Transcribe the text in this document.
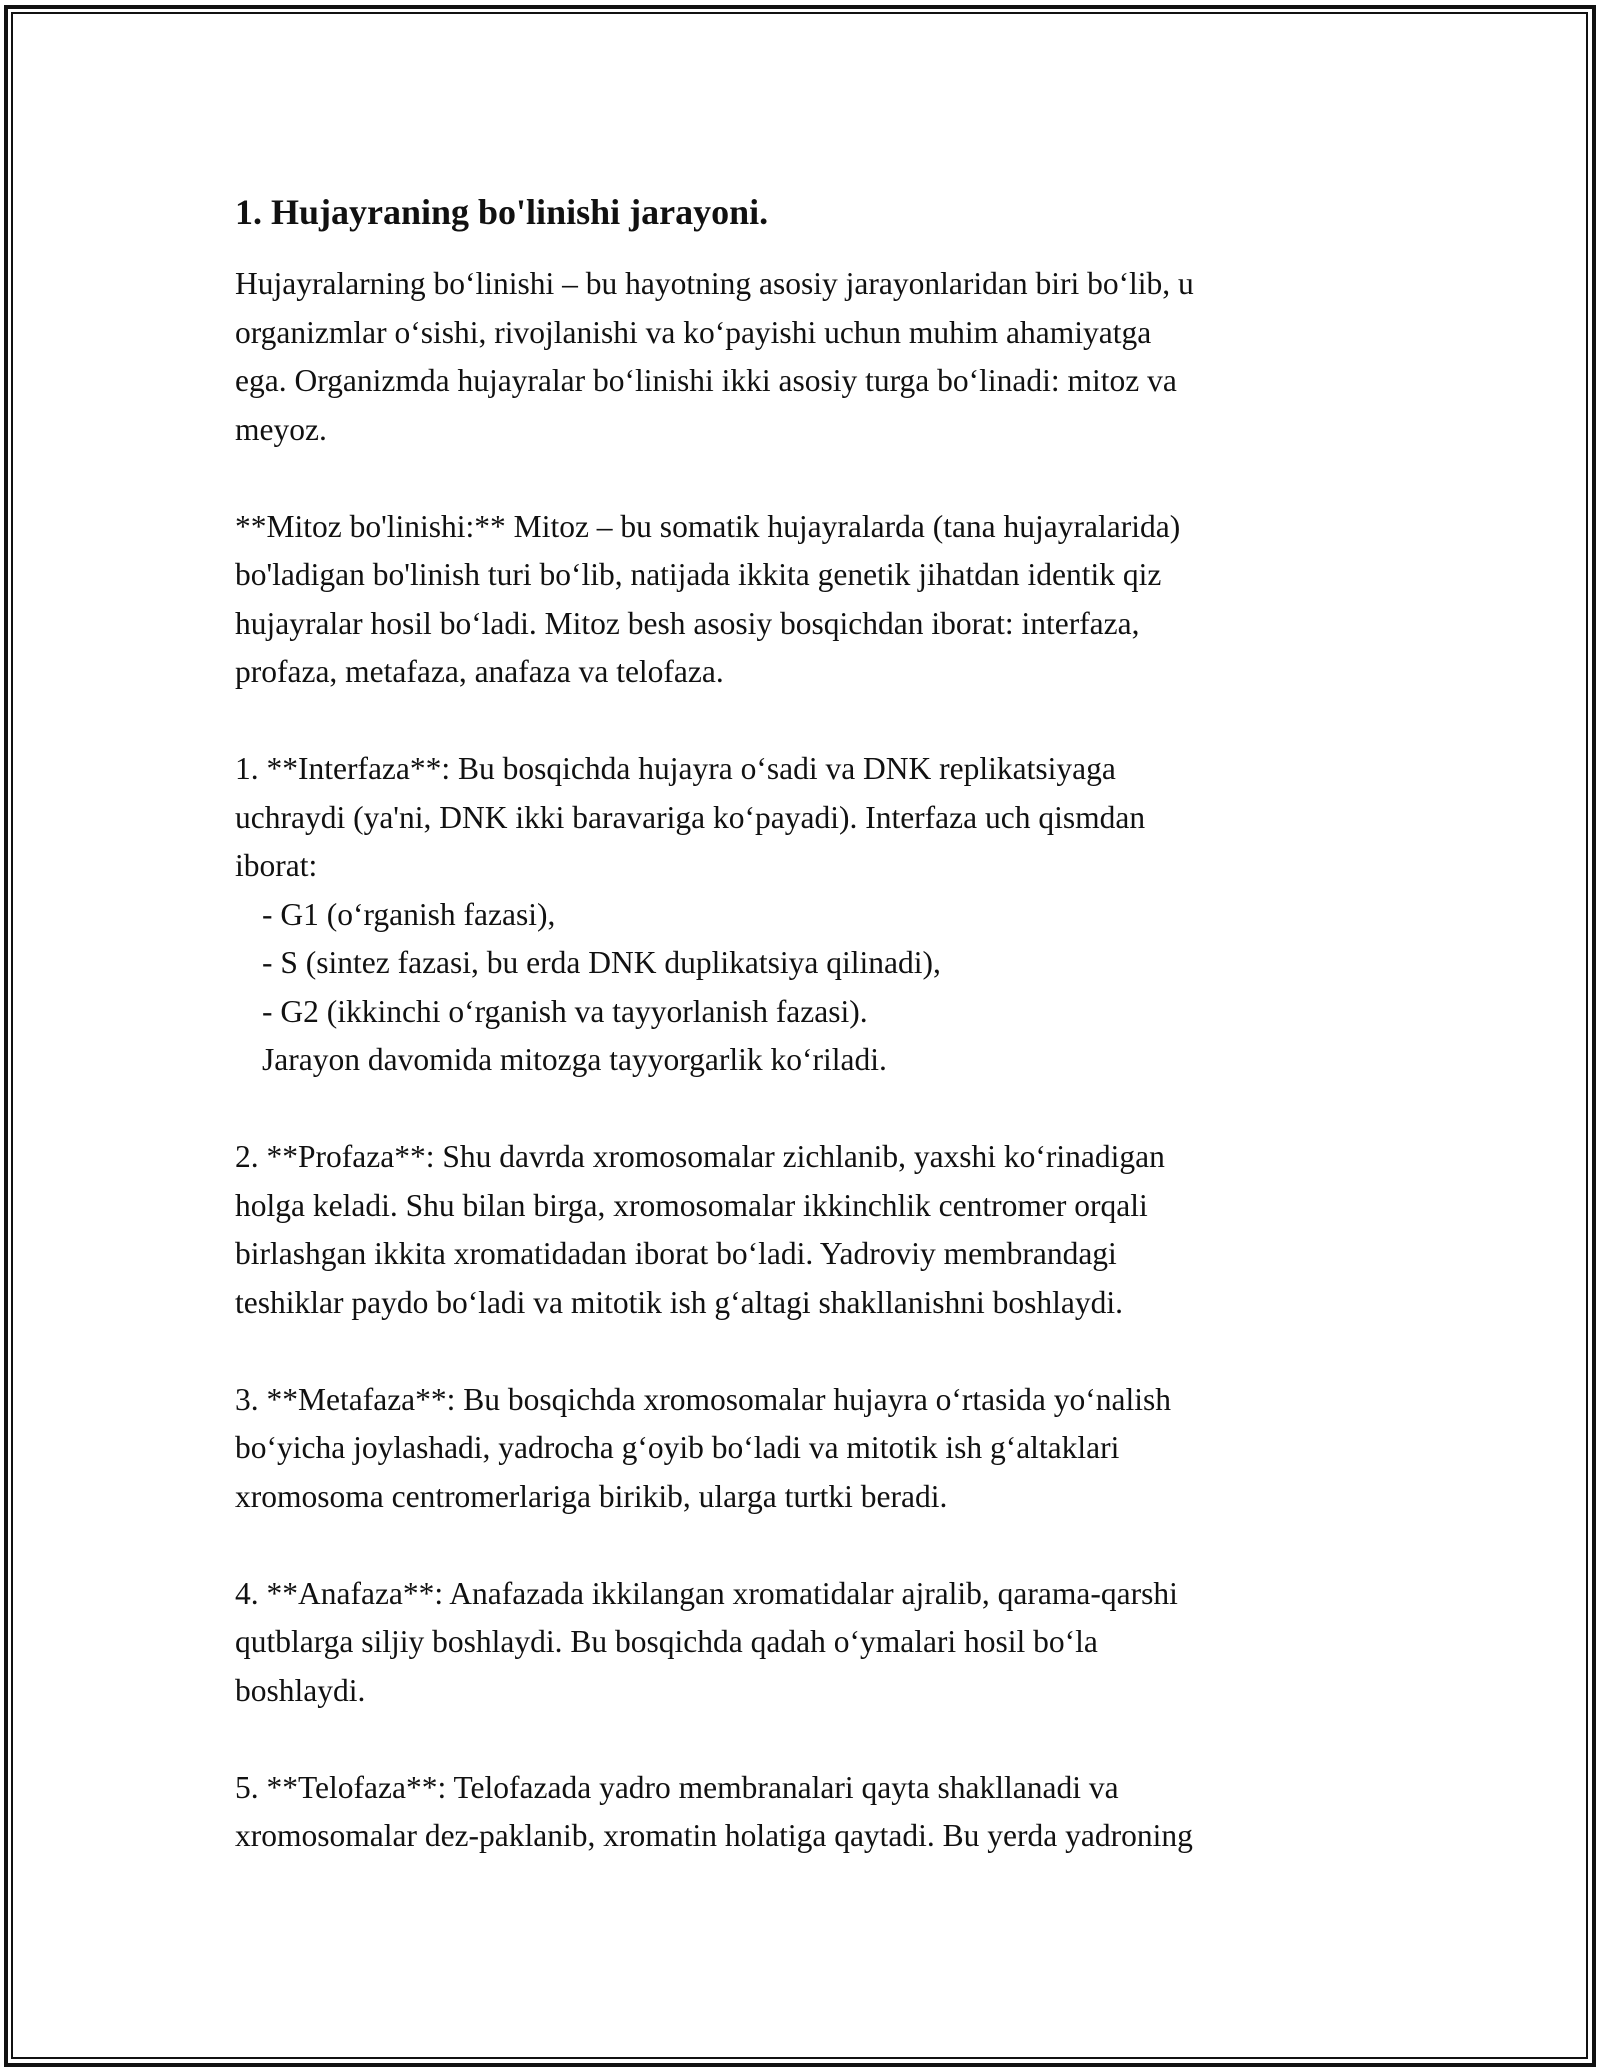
1. Hujayraning bo'linishi jarayoni.
Hujayralarning bo‘linishi – bu hayotning asosiy jarayonlaridan biri bo‘lib, u
organizmlar o‘sishi, rivojlanishi va ko‘payishi uchun muhim ahamiyatga
ega. Organizmda hujayralar bo‘linishi ikki asosiy turga bo‘linadi: mitoz va
meyoz.
**Mitoz bo'linishi:** Mitoz – bu somatik hujayralarda (tana hujayralarida)
bo'ladigan bo'linish turi bo‘lib, natijada ikkita genetik jihatdan identik qiz
hujayralar hosil bo‘ladi. Mitoz besh asosiy bosqichdan iborat: interfaza,
profaza, metafaza, anafaza va telofaza.
1. **Interfaza**: Bu bosqichda hujayra o‘sadi va DNK replikatsiyaga
uchraydi (ya'ni, DNK ikki baravariga ko‘payadi). Interfaza uch qismdan
iborat:
- G1 (o‘rganish fazasi),
- S (sintez fazasi, bu erda DNK duplikatsiya qilinadi),
- G2 (ikkinchi o‘rganish va tayyorlanish fazasi).
Jarayon davomida mitozga tayyorgarlik ko‘riladi.
2. **Profaza**: Shu davrda xromosomalar zichlanib, yaxshi ko‘rinadigan
holga keladi. Shu bilan birga, xromosomalar ikkinchlik centromer orqali
birlashgan ikkita xromatidadan iborat bo‘ladi. Yadroviy membrandagi
teshiklar paydo bo‘ladi va mitotik ish g‘altagi shakllanishni boshlaydi.
3. **Metafaza**: Bu bosqichda xromosomalar hujayra o‘rtasida yo‘nalish
bo‘yicha joylashadi, yadrocha g‘oyib bo‘ladi va mitotik ish g‘altaklari
xromosoma centromerlariga birikib, ularga turtki beradi.
4. **Anafaza**: Anafazada ikkilangan xromatidalar ajralib, qarama-qarshi
qutblarga siljiy boshlaydi. Bu bosqichda qadah o‘ymalari hosil bo‘la
boshlaydi.
5. **Telofaza**: Telofazada yadro membranalari qayta shakllanadi va
xromosomalar dez-paklanib, xromatin holatiga qaytadi. Bu yerda yadroning
